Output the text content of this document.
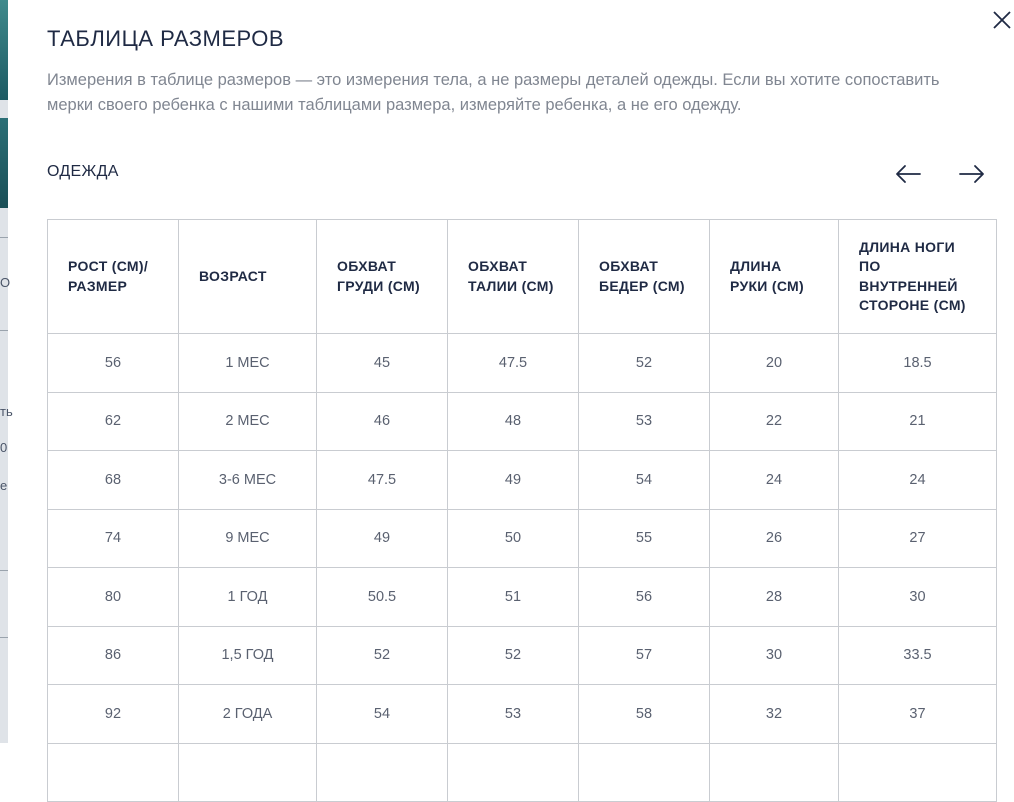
О
ть
0
е
ТАБЛИЦА РАЗМЕРОВ
Измерения в таблице размеров — это измерения тела, а не размеры деталей одежды. Если вы хотите сопоставить мерки своего ребенка с нашими таблицами размера, измеряйте ребенка, а не его одежду.
ОДЕЖДА
РОСТ (СМ)/ РАЗМЕР	ВОЗРАСТ	ОБХВАТ ГРУДИ (СМ)	ОБХВАТ ТАЛИИ (СМ)	ОБХВАТ БЕДЕР (СМ)	ДЛИНА РУКИ (СМ)	ДЛИНА НОГИ ПО ВНУТРЕННЕЙ СТОРОНЕ (СМ)
56	1 МЕС	45	47.5	52	20	18.5
62	2 МЕС	46	48	53	22	21
68	3-6 МЕС	47.5	49	54	24	24
74	9 МЕС	49	50	55	26	27
80	1 ГОД	50.5	51	56	28	30
86	1,5 ГОД	52	52	57	30	33.5
92	2 ГОДА	54	53	58	32	37
